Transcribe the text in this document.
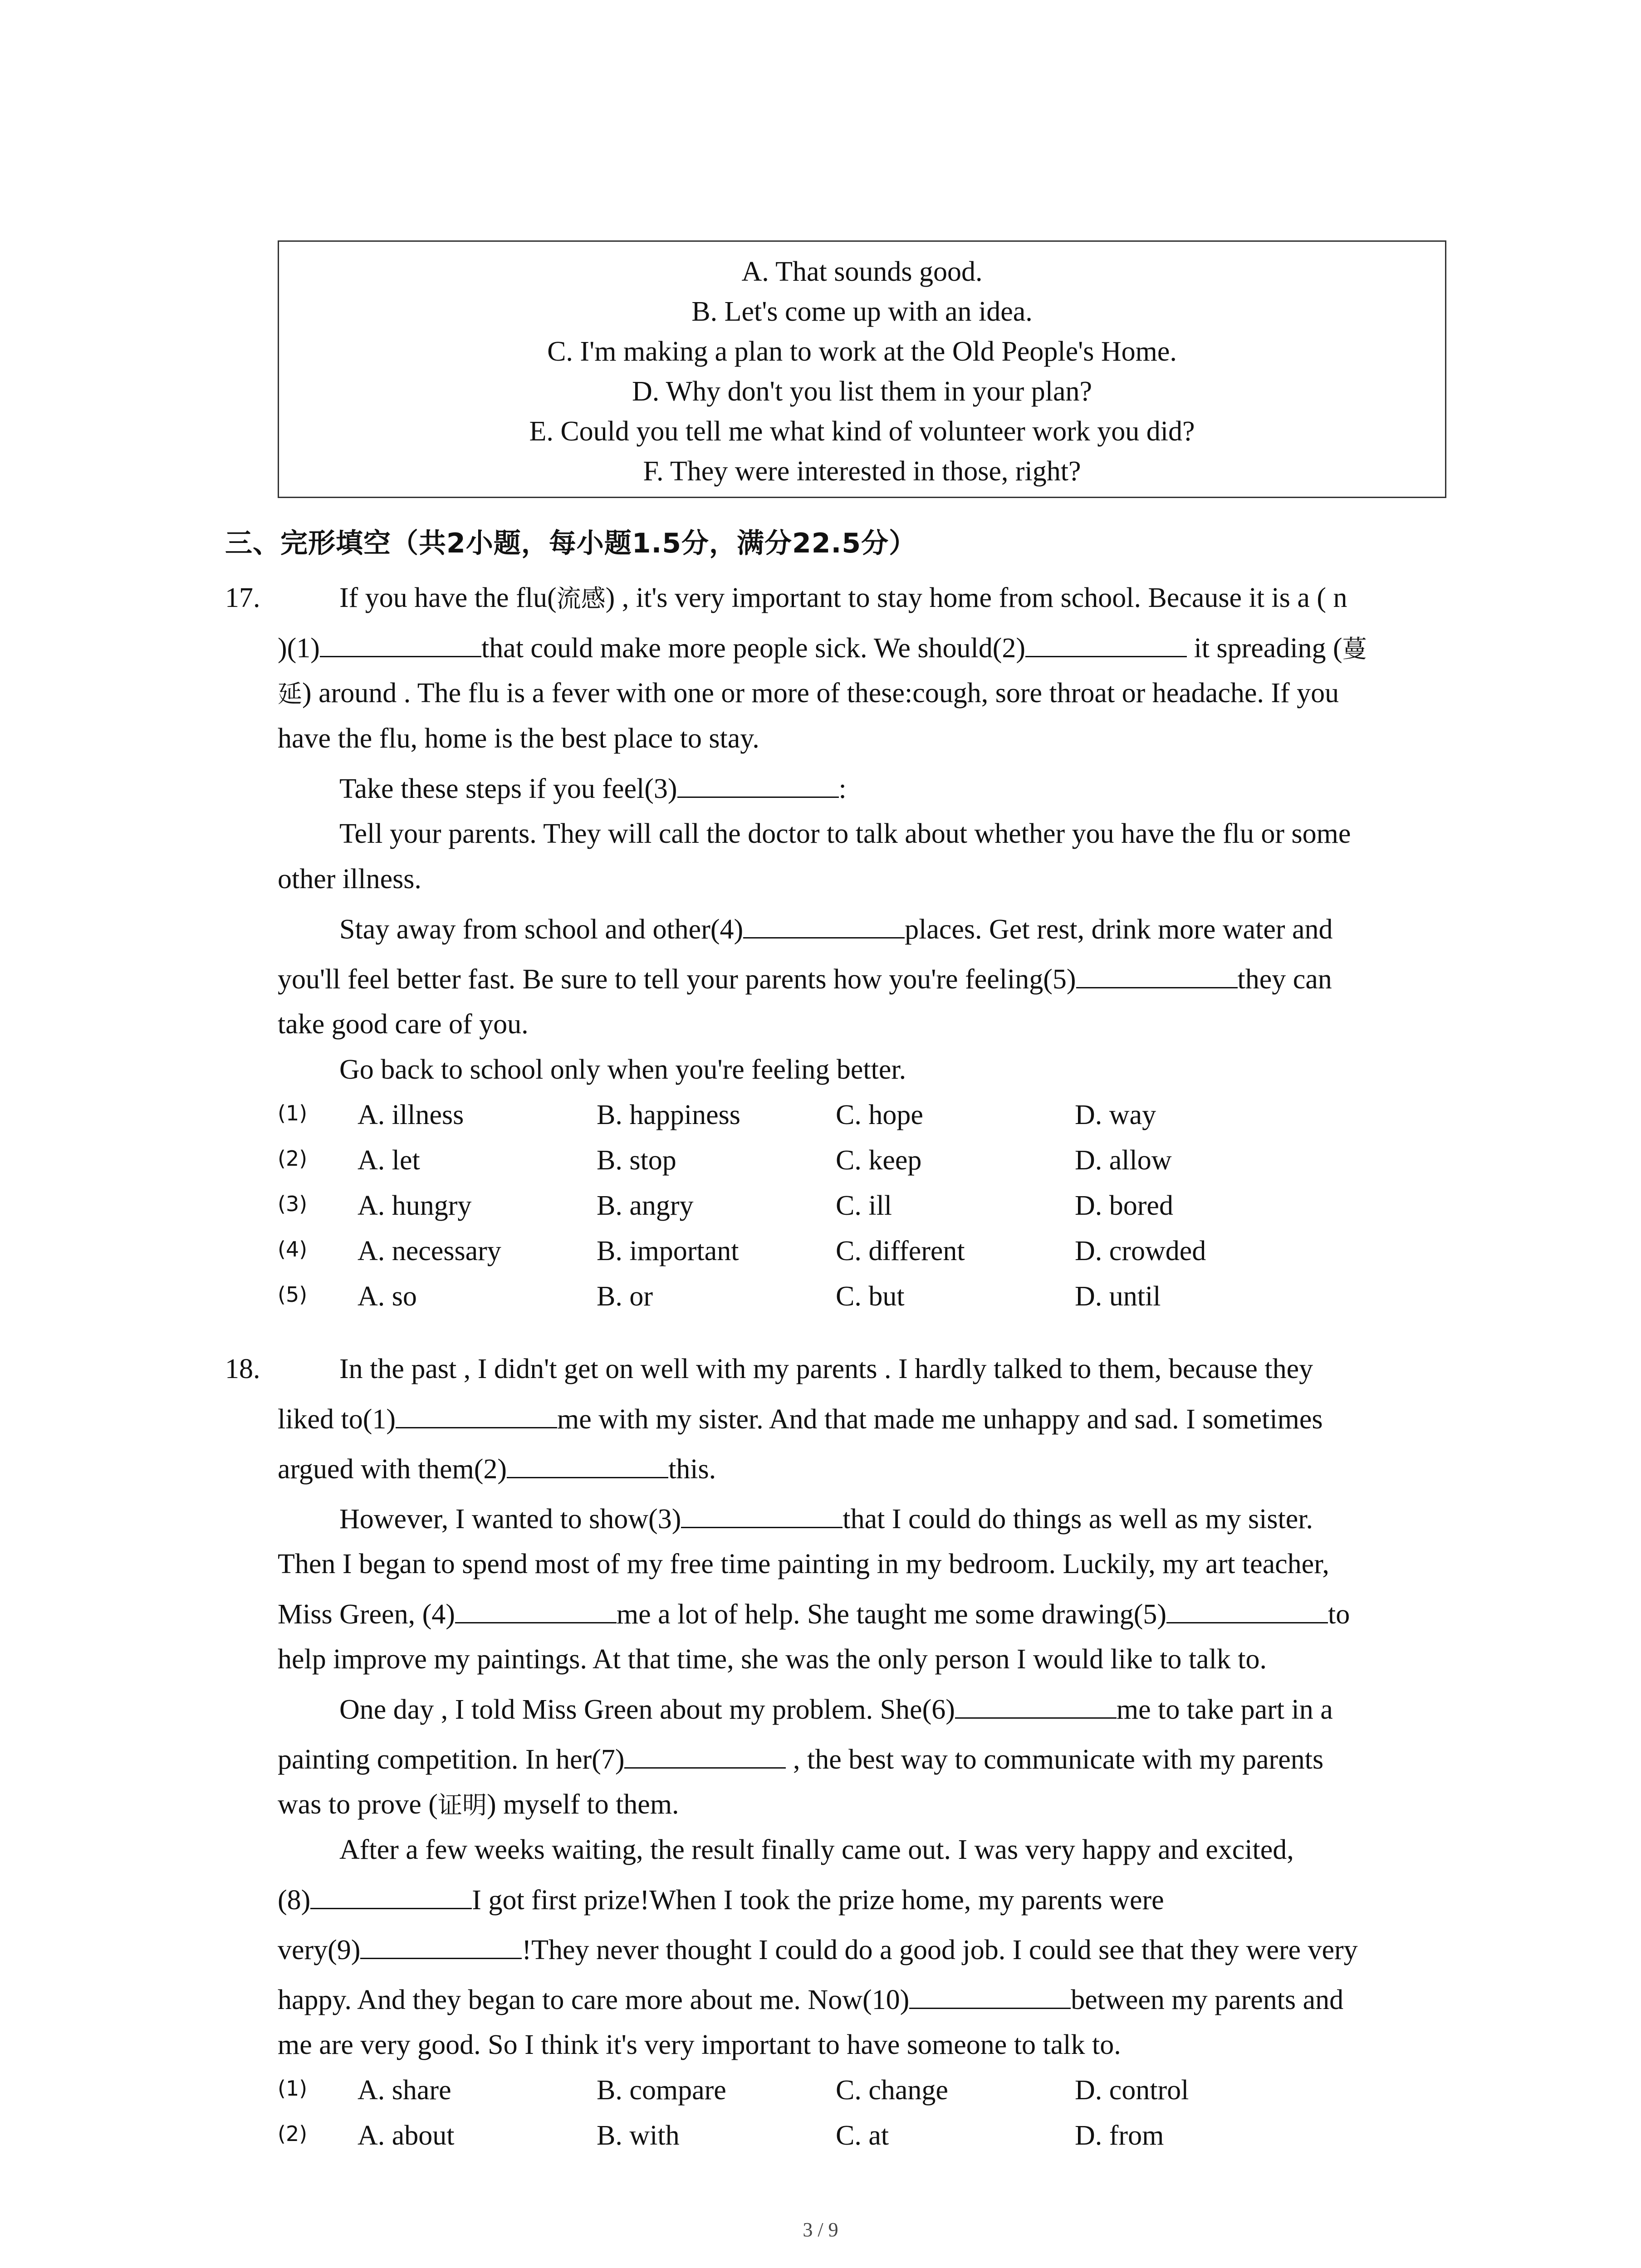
A. That sounds good.
B. Let's come up with an idea.
C. I'm making a plan to work at the Old People's Home.
D. Why don't you list them in your plan?
E. Could you tell me what kind of volunteer work you did?
F. They were interested in those, right?
三、完形填空（共2小题，每小题1.5分，满分22.5分）
17.	If you have the flu(流感) , it's very important to stay home from school. Because it is a ( n
)(1)	that could make more people sick. We should(2)	it spreading (蔓
延) around . The flu is a fever with one or more of these:cough, sore throat or headache. If you
have the flu, home is the best place to stay.
Take these steps if you feel(3)	:
Tell your parents. They will call the doctor to talk about whether you have the flu or some
other illness.
Stay away from school and other(4)	places. Get rest, drink more water and
you'll feel better fast. Be sure to tell your parents how you're feeling(5)	they can
take good care of you.
Go back to school only when you're feeling better.
(1) A. illness	B. happiness	C. hope	D. way
(2) A. let	B. stop	C. keep	D. allow
(3) A. hungry	B. angry	C. ill	D. bored
(4) A. necessary	B. important	C. different	D. crowded
(5) A. so	B. or	C. but	D. until
18.	In the past , I didn't get on well with my parents . I hardly talked to them, because they
liked to(1)	me with my sister. And that made me unhappy and sad. I sometimes
argued with them(2)	this.
However, I wanted to show(3)	that I could do things as well as my sister.
Then I began to spend most of my free time painting in my bedroom. Luckily, my art teacher,
Miss Green, (4)	me a lot of help. She taught me some drawing(5)	to
help improve my paintings. At that time, she was the only person I would like to talk to.
One day , I told Miss Green about my problem. She(6)	me to take part in a
painting competition. In her(7)	, the best way to communicate with my parents
was to prove (证明) myself to them.
After a few weeks waiting, the result finally came out. I was very happy and excited,
(8)	I got first prize!When I took the prize home, my parents were
very(9)	!They never thought I could do a good job. I could see that they were very
happy. And they began to care more about me. Now(10)	between my parents and
me are very good. So I think it's very important to have someone to talk to.
(1) A. share	B. compare	C. change	D. control
(2) A. about	B. with	C. at	D. from
3 / 9
